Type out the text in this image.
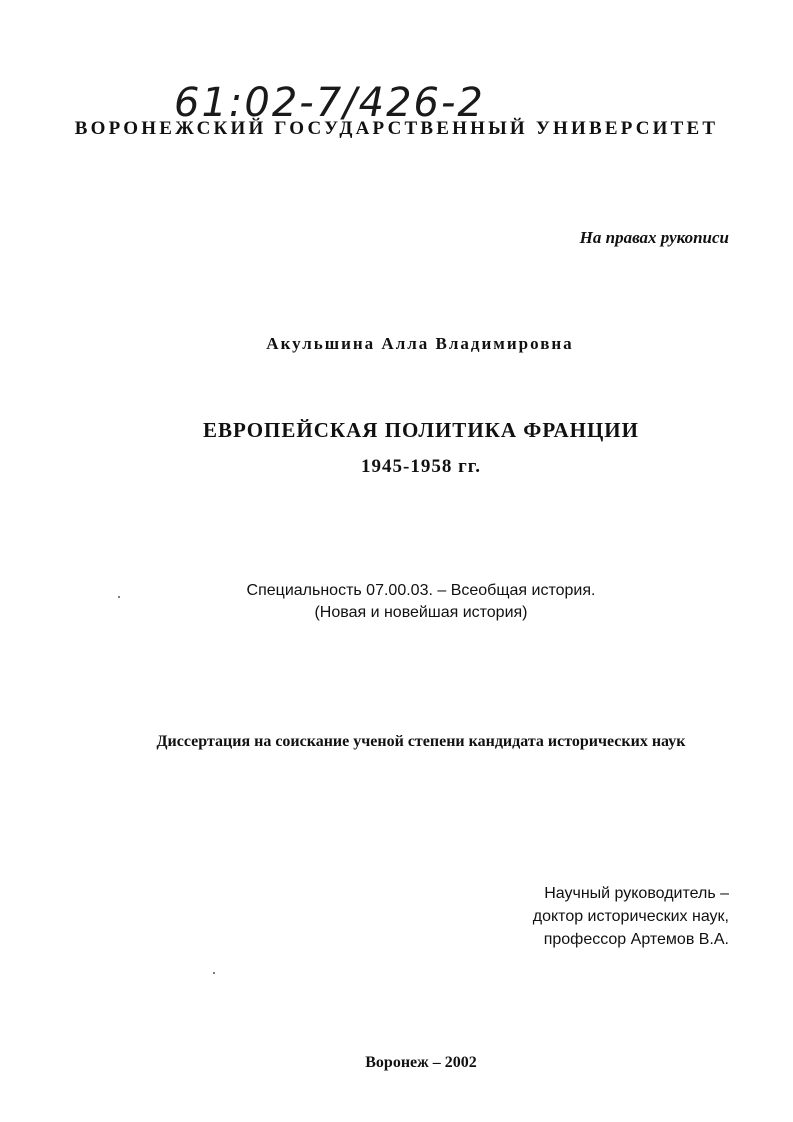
61:02-7/426-2
ВОРОНЕЖСКИЙ ГОСУДАРСТВЕННЫЙ УНИВЕРСИТЕТ
На правах рукописи
Акульшина Алла Владимировна
ЕВРОПЕЙСКАЯ ПОЛИТИКА ФРАНЦИИ
1945-1958 гг.
Специальность 07.00.03. – Всеобщая история.
(Новая и новейшая история)
Диссертация на соискание ученой степени кандидата исторических наук
Научный руководитель –
доктор исторических наук,
профессор Артемов В.А.
Воронеж – 2002
